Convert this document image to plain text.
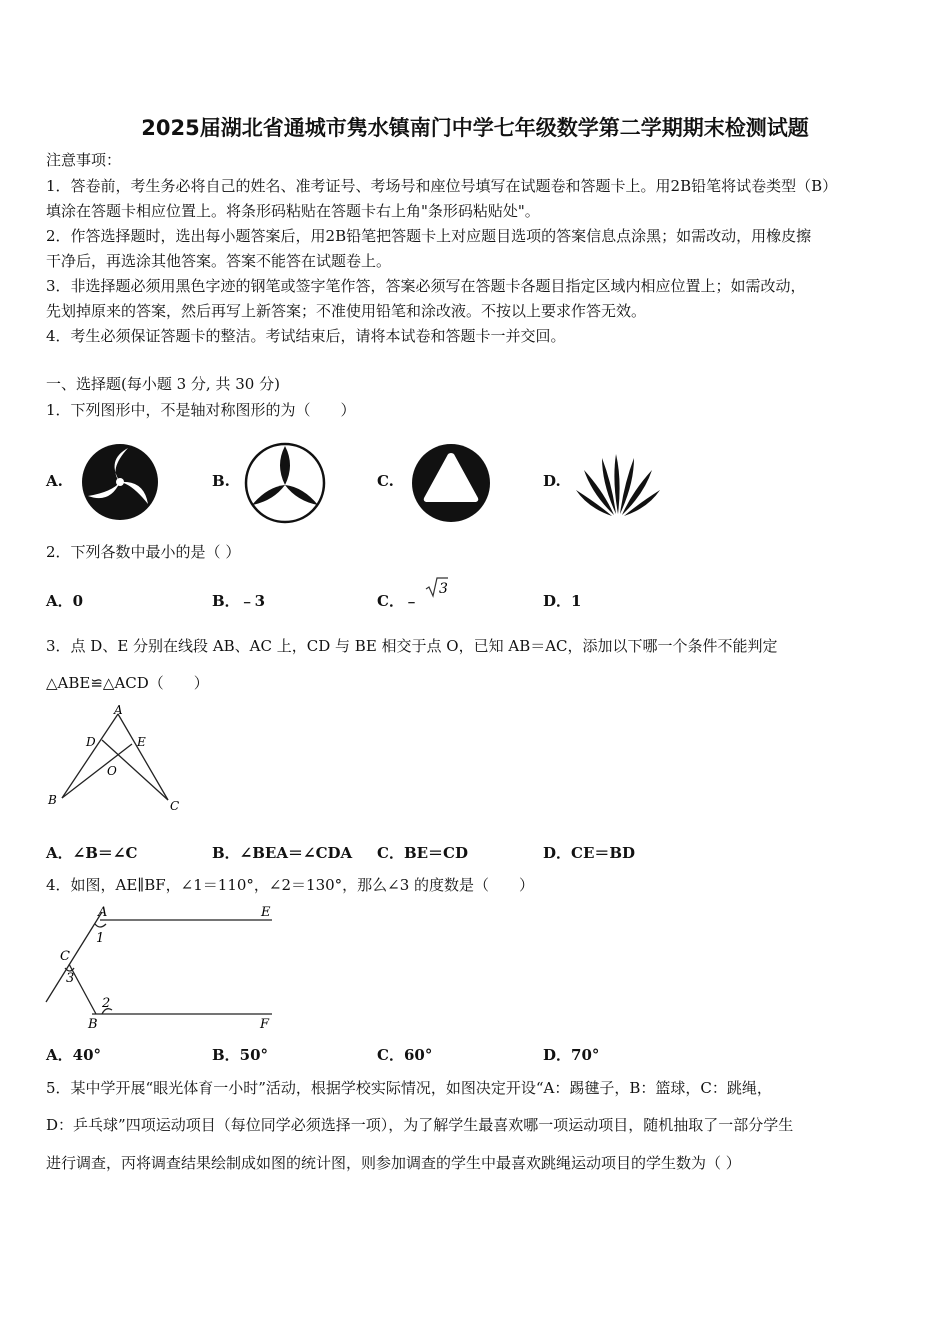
2025届湖北省通城市隽水镇南门中学七年级数学第二学期期末检测试题
注意事项：
1．答卷前，考生务必将自己的姓名、准考证号、考场号和座位号填写在试题卷和答题卡上。用2B铅笔将试卷类型（B）
填涂在答题卡相应位置上。将条形码粘贴在答题卡右上角"条形码粘贴处"。
2．作答选择题时，选出每小题答案后，用2B铅笔把答题卡上对应题目选项的答案信息点涂黑；如需改动，用橡皮擦
干净后，再选涂其他答案。答案不能答在试题卷上。
3．非选择题必须用黑色字迹的钢笔或签字笔作答，答案必须写在答题卡各题目指定区域内相应位置上；如需改动，
先划掉原来的答案，然后再写上新答案；不准使用铅笔和涂改液。不按以上要求作答无效。
4．考生必须保证答题卡的整洁。考试结束后，请将本试卷和答题卡一并交回。
一、选择题(每小题 3 分, 共 30 分)
1．下列图形中，不是轴对称图形的为（　　）
A.	B.	C.	D.
2．下列各数中最小的是（ ）
A．0	B．﹣3	C．﹣
3
D．1
3．点 D、E 分别在线段 AB、AC 上，CD 与 BE 相交于点 O，已知 AB＝AC，添加以下哪一个条件不能判定
△ABE≌△ACD（　　）
A
D	E
O
B	C
A．∠B＝∠C	B．∠BEA＝∠CDA C．BE＝CD	D．CE＝BD
4．如图，AE∥BF，∠1＝110°，∠2＝130°，那么∠3 的度数是（　　）
A	E
1
C
3
2
B	F
A．40°	B．50°	C．60°	D．70°
5．某中学开展“眼光体育一小时”活动，根据学校实际情况，如图决定开设“A：踢毽子，B：篮球，C：跳绳，
D：乒乓球”四项运动项目（每位同学必须选择一项），为了解学生最喜欢哪一项运动项目，随机抽取了一部分学生
进行调查，丙将调查结果绘制成如图的统计图，则参加调查的学生中最喜欢跳绳运动项目的学生数为（ ）
